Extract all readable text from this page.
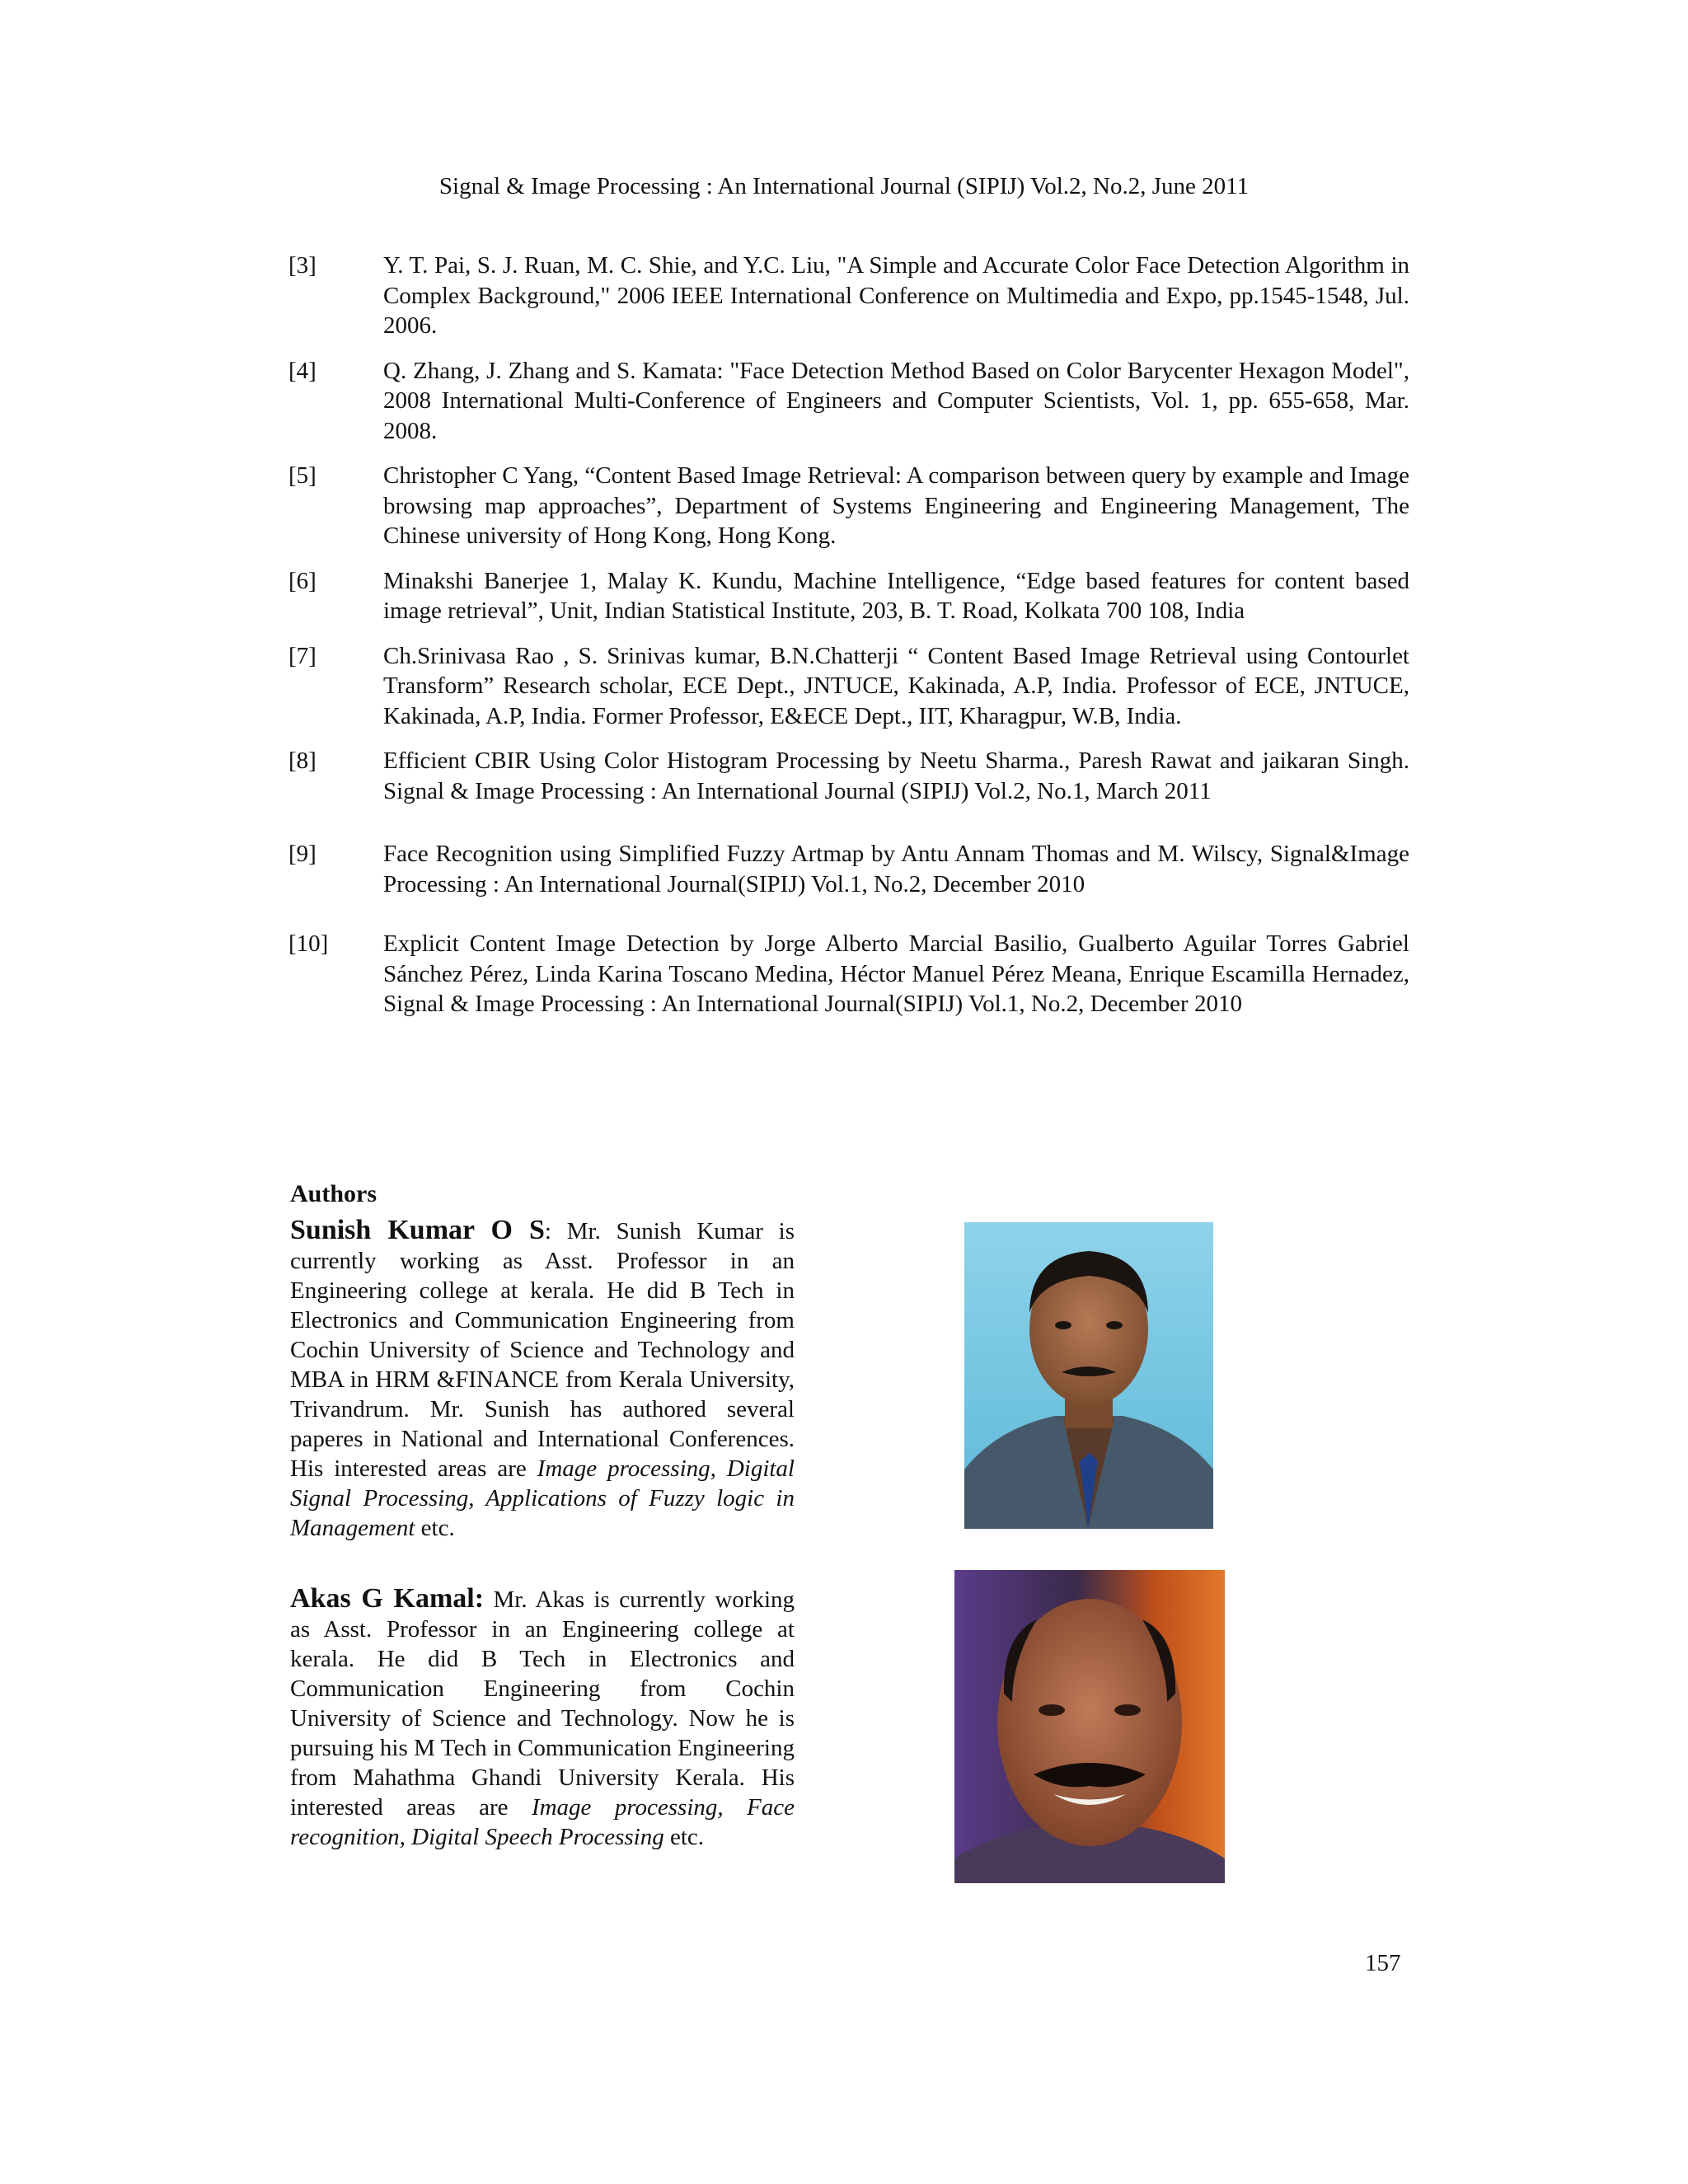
Signal & Image Processing : An International Journal (SIPIJ) Vol.2, No.2, June 2011
[3]	Y. T. Pai, S. J. Ruan, M. C. Shie, and Y.C. Liu, "A Simple and Accurate Color Face Detection Algorithm in Complex Background," 2006 IEEE International Conference on Multimedia and Expo, pp.1545-1548, Jul. 2006.
[4]	Q. Zhang, J. Zhang and S. Kamata: "Face Detection Method Based on Color Barycenter Hexagon Model", 2008 International Multi-Conference of Engineers and Computer Scientists, Vol. 1, pp. 655-658, Mar. 2008.
[5]	Christopher C Yang, “Content Based Image Retrieval: A comparison between query by example and Image browsing map approaches”, Department of Systems Engineering and Engineering Management, The Chinese university of Hong Kong, Hong Kong.
[6]	Minakshi Banerjee 1, Malay K. Kundu, Machine Intelligence, “Edge based features for content based image retrieval”, Unit, Indian Statistical Institute, 203, B. T. Road, Kolkata 700 108, India
[7]	Ch.Srinivasa Rao , S. Srinivas kumar, B.N.Chatterji “ Content Based Image Retrieval using Contourlet Transform” Research scholar, ECE Dept., JNTUCE, Kakinada, A.P, India. Professor of ECE, JNTUCE, Kakinada, A.P, India. Former Professor, E&ECE Dept., IIT, Kharagpur, W.B, India.
[8]	Efficient CBIR Using Color Histogram Processing by Neetu Sharma., Paresh Rawat and jaikaran Singh. Signal & Image Processing : An International Journal (SIPIJ) Vol.2, No.1, March 2011
[9]	Face Recognition using Simplified Fuzzy Artmap by Antu Annam Thomas and M. Wilscy, Signal&Image Processing : An International Journal(SIPIJ) Vol.1, No.2, December 2010
[10]	Explicit Content Image Detection by Jorge Alberto Marcial Basilio, Gualberto Aguilar Torres Gabriel Sánchez Pérez, Linda Karina Toscano Medina, Héctor Manuel Pérez Meana, Enrique Escamilla Hernadez, Signal & Image Processing : An International Journal(SIPIJ) Vol.1, No.2, December 2010
Authors
Sunish Kumar O S: Mr. Sunish Kumar is currently working as Asst. Professor in an Engineering college at kerala. He did B Tech in Electronics and Communication Engineering from Cochin University of Science and Technology and MBA in HRM &FINANCE from Kerala University, Trivandrum. Mr. Sunish has authored several paperes in National and International Conferences. His interested areas are Image processing, Digital Signal Processing, Applications of Fuzzy logic in Management etc.
Akas G Kamal: Mr. Akas is currently working as Asst. Professor in an Engineering college at kerala. He did B Tech in Electronics and Communication Engineering from Cochin University of Science and Technology. Now he is pursuing his M Tech in Communication Engineering from Mahathma Ghandi University Kerala. His interested areas are Image processing, Face recognition, Digital Speech Processing etc.
157
